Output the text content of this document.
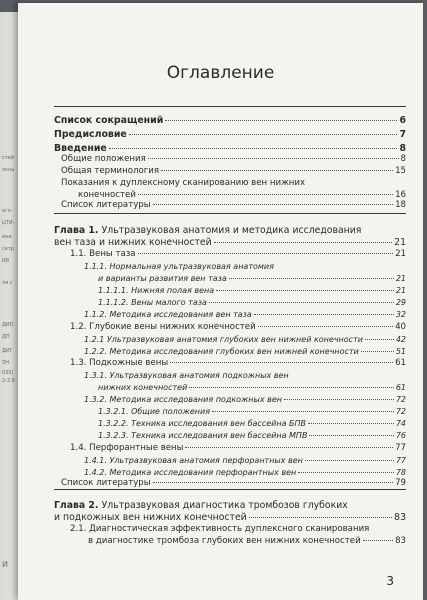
стей
окнь
ого-
ЦТИ-
ини
сетр
ИВ
ля с
ДИО
ДП
ДИГ
ЗН
035)
2-2.6
И
Оглавление
Список сокращений	6
Предисловие	7
Введение	8
Общие положения	8
Общая терминология	15
Показания к дуплексному сканированию вен нижних
конечностей	16
Список литературы	18
Глава 1. Ультразвуковая анатомия и методика исследования
вен таза и нижних конечностей	21
1.1. Вены таза	21
1.1.1. Нормальная ультразвуковая анатомия
и варианты развития вен таза	21
1.1.1.1. Нижняя полая вена	21
1.1.1.2. Вены малого таза	29
1.1.2. Методика исследования вен таза	32
1.2. Глубокие вены нижних конечностей	40
1.2.1 Ультразвуковая анатомия глубоких вен нижней конечности	42
1.2.2. Методика исследования глубоких вен нижней конечности	51
1.3. Подкожные вены	61
1.3.1. Ультразвуковая анатомия подкожных вен
нижних конечностей	61
1.3.2. Методика исследования подкожных вен	72
1.3.2.1. Общие положения	72
1.3.2.2. Техника исследования вен бассейна БПВ	74
1.3.2.3. Техника исследования вен бассейна МПВ	76
1.4. Перфорантные вены	77
1.4.1. Ультразвуковая анатомия перфорантных вен	77
1.4.2. Методика исследования перфорантных вен	78
Список литературы	79
Глава 2. Ультразвуковая диагностика тромбозов глубоких
и подкожных вен нижних конечностей	83
2.1. Диагностическая эффективность дуплексного сканирования
в диагностике тромбоза глубоких вен нижних конечностей	83
3
